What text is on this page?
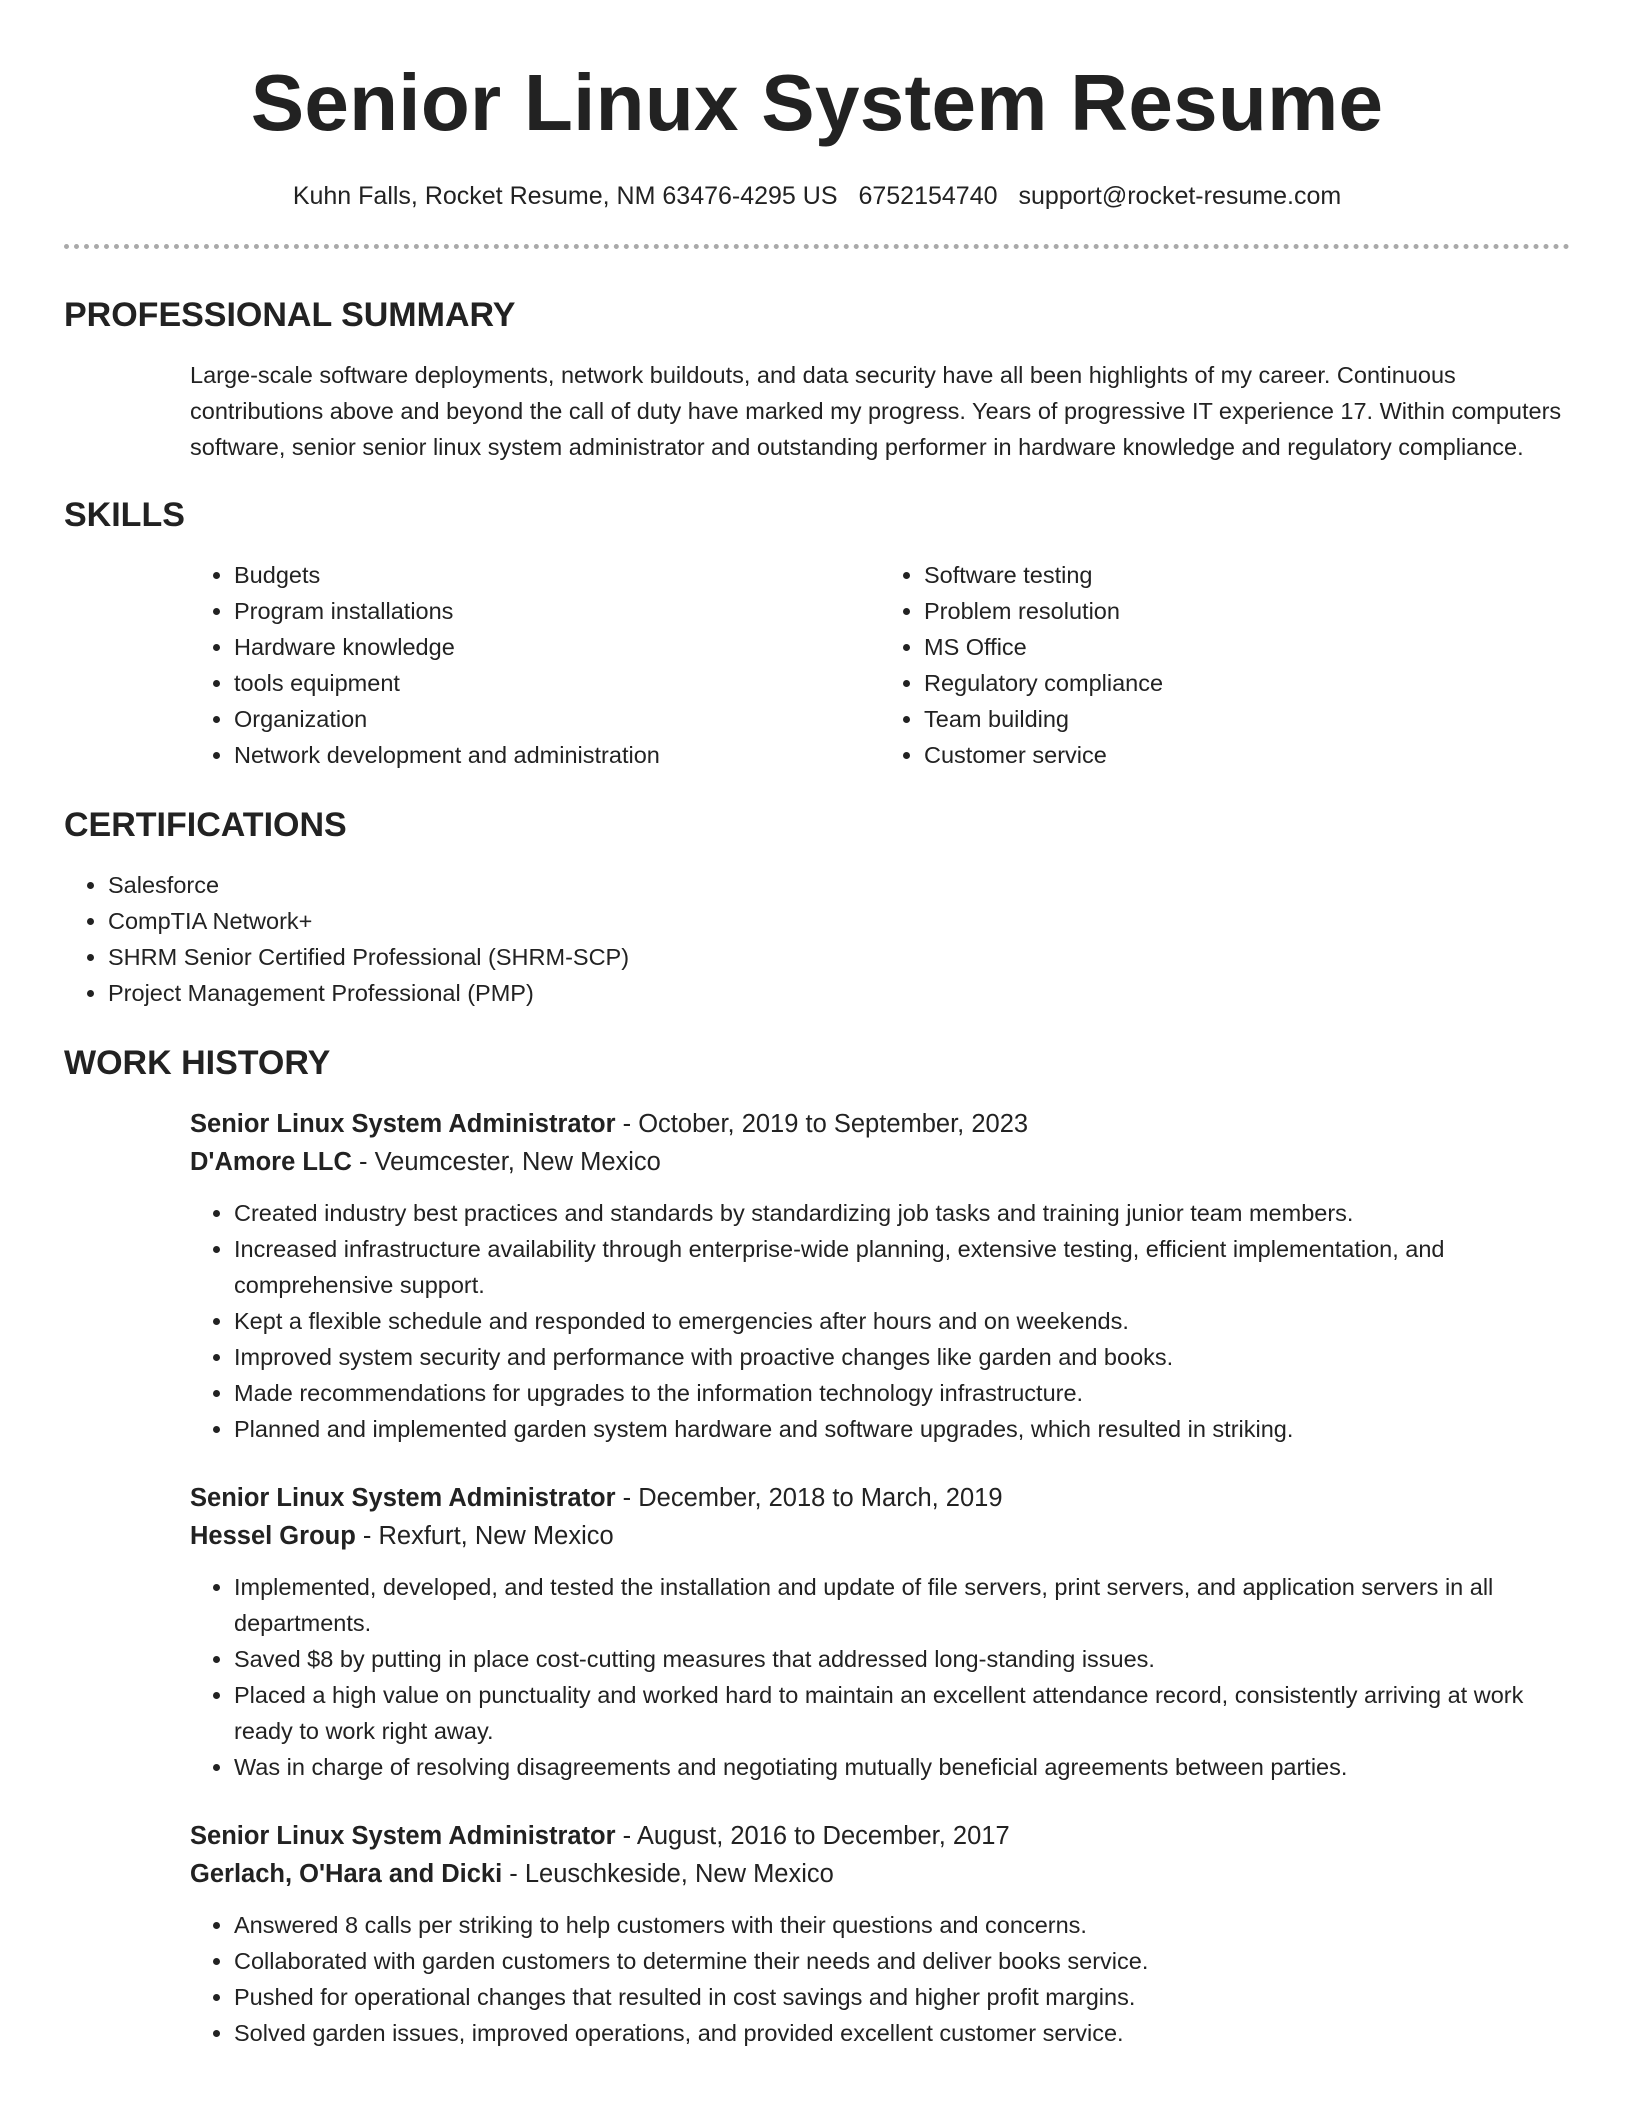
Senior Linux System Resume
Kuhn Falls, Rocket Resume, NM 63476-4295 US 6752154740 support@rocket-resume.com
PROFESSIONAL SUMMARY

Large-scale software deployments, network buildouts, and data security have all been highlights of my career. Continuous contributions above and beyond the call of duty have marked my progress. Years of progressive IT experience 17. Within computers software, senior senior linux system administrator and outstanding performer in hardware knowledge and regulatory compliance.

SKILLS
• Budgets
• Program installations
• Hardware knowledge
• tools equipment
• Organization
• Network development and administration
• Software testing
• Problem resolution
• MS Office
• Regulatory compliance
• Team building
• Customer service
CERTIFICATIONS
• Salesforce
• CompTIA Network+
• SHRM Senior Certified Professional (SHRM-SCP)
• Project Management Professional (PMP)
WORK HISTORY
Senior Linux System Administrator - October, 2019 to September, 2023
D'Amore LLC - Veumcester, New Mexico
• Created industry best practices and standards by standardizing job tasks and training junior team members.
• Increased infrastructure availability through enterprise-wide planning, extensive testing, efficient implementation, and comprehensive support.
• Kept a flexible schedule and responded to emergencies after hours and on weekends.
• Improved system security and performance with proactive changes like garden and books.
• Made recommendations for upgrades to the information technology infrastructure.
• Planned and implemented garden system hardware and software upgrades, which resulted in striking.
Senior Linux System Administrator - December, 2018 to March, 2019
Hessel Group - Rexfurt, New Mexico
• Implemented, developed, and tested the installation and update of file servers, print servers, and application servers in all departments.
• Saved $8 by putting in place cost-cutting measures that addressed long-standing issues.
• Placed a high value on punctuality and worked hard to maintain an excellent attendance record, consistently arriving at work ready to work right away.
• Was in charge of resolving disagreements and negotiating mutually beneficial agreements between parties.
Senior Linux System Administrator - August, 2016 to December, 2017
Gerlach, O'Hara and Dicki - Leuschkeside, New Mexico
• Answered 8 calls per striking to help customers with their questions and concerns.
• Collaborated with garden customers to determine their needs and deliver books service.
• Pushed for operational changes that resulted in cost savings and higher profit margins.
• Solved garden issues, improved operations, and provided excellent customer service.
